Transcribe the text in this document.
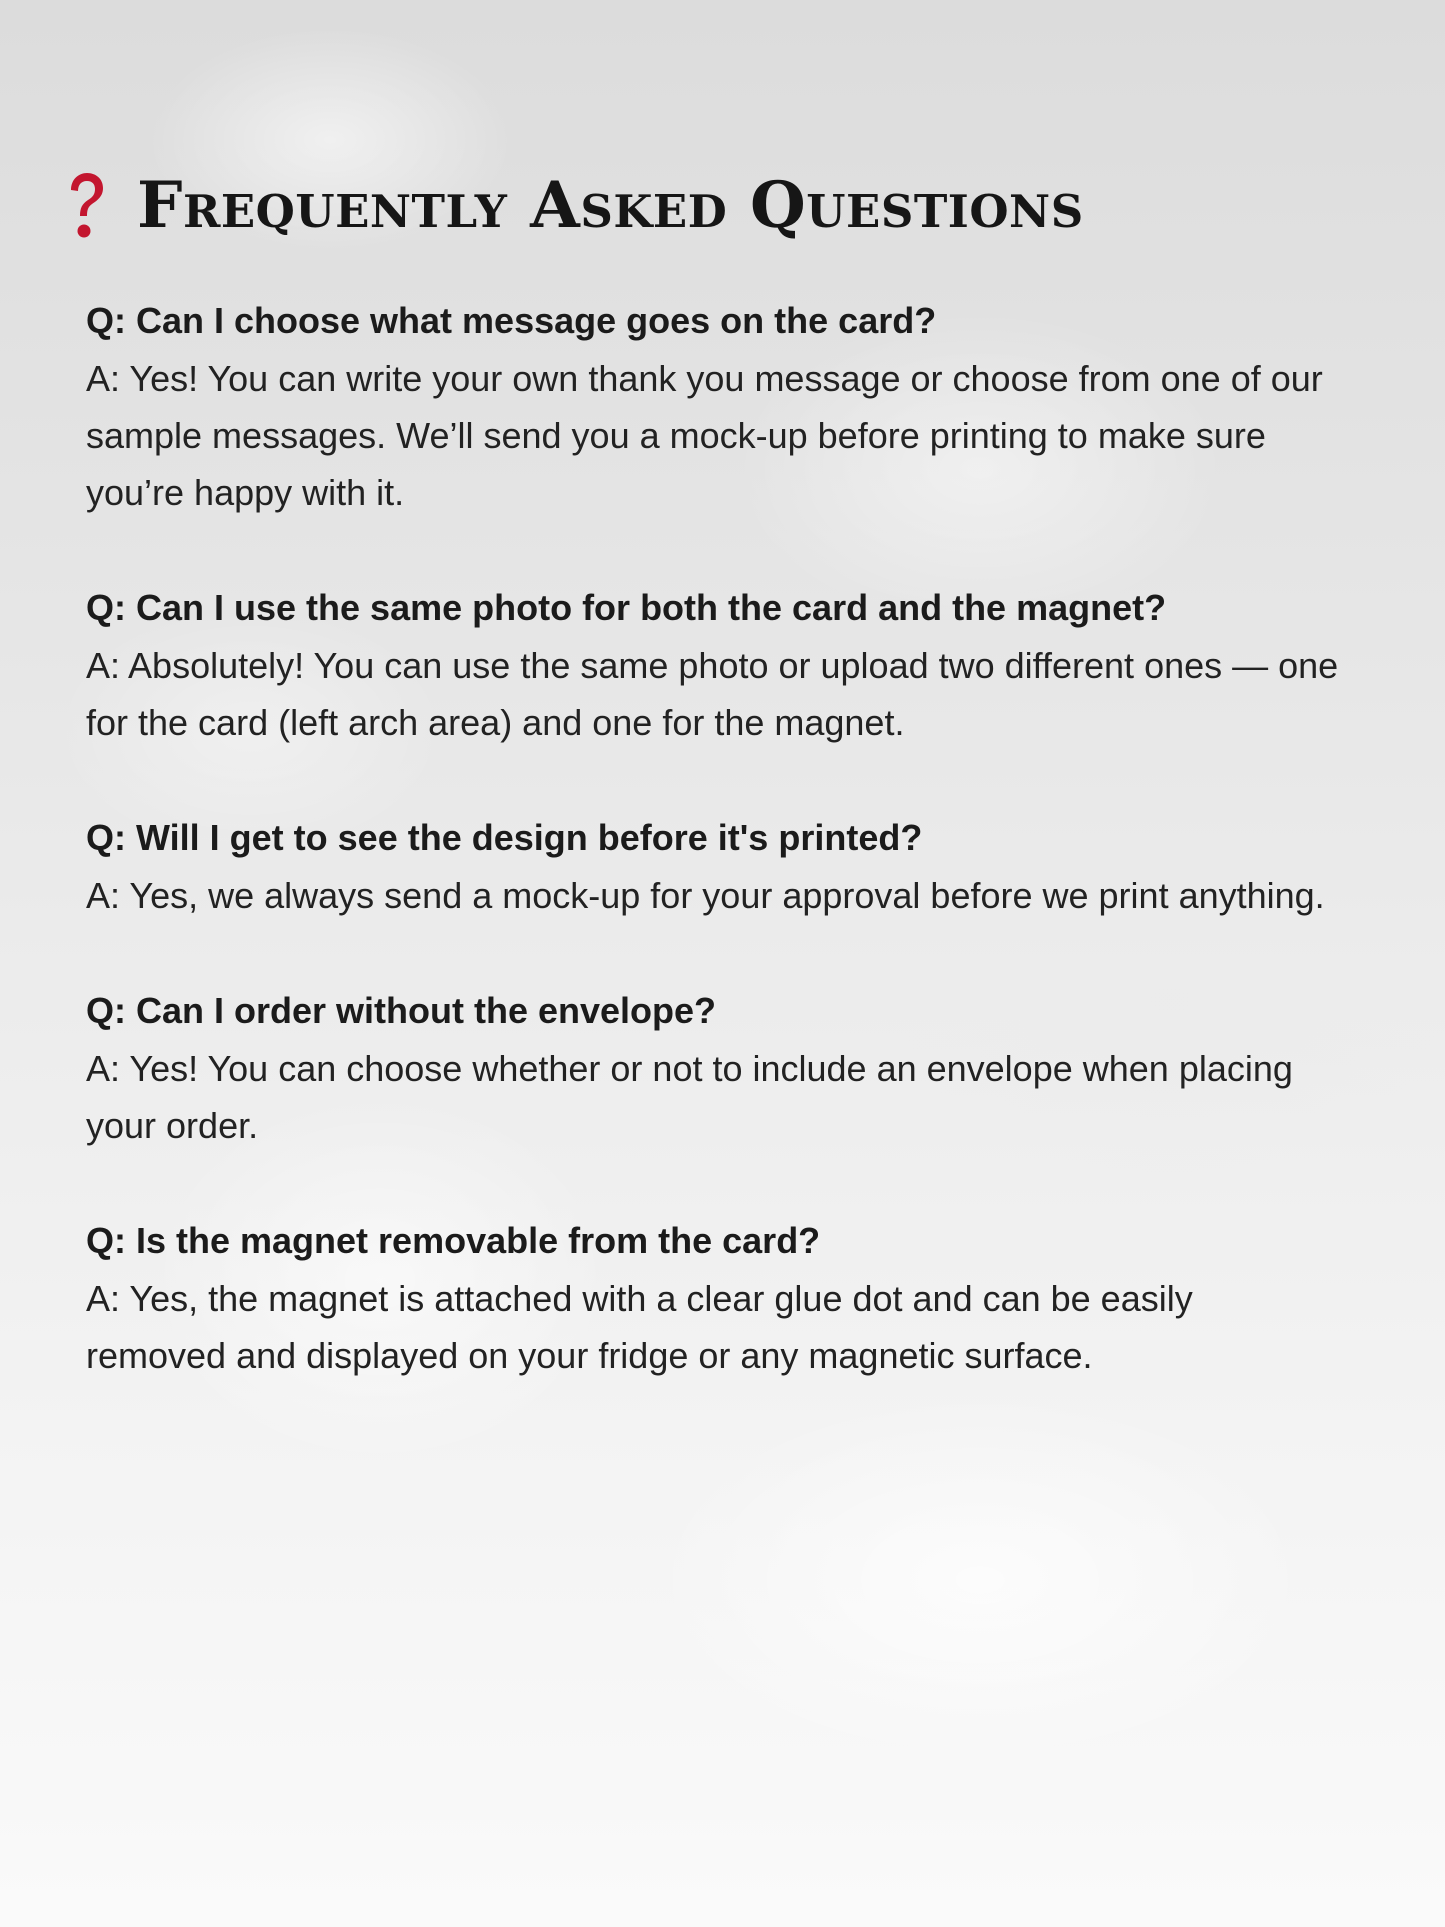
Frequently Asked Questions

Q: Can I choose what message goes on the card?

A: Yes! You can write your own thank you message or choose from one of our sample messages. We’ll send you a mock-up before printing to make sure you’re happy with it.

Q: Can I use the same photo for both the card and the magnet?

A: Absolutely! You can use the same photo or upload two different ones — one for the card (left arch area) and one for the magnet.

Q: Will I get to see the design before it's printed?

A: Yes, we always send a mock-up for your approval before we print anything.

Q: Can I order without the envelope?

A: Yes! You can choose whether or not to include an envelope when placing your order.

Q: Is the magnet removable from the card?

A: Yes, the magnet is attached with a clear glue dot and can be easily removed and displayed on your fridge or any magnetic surface.
